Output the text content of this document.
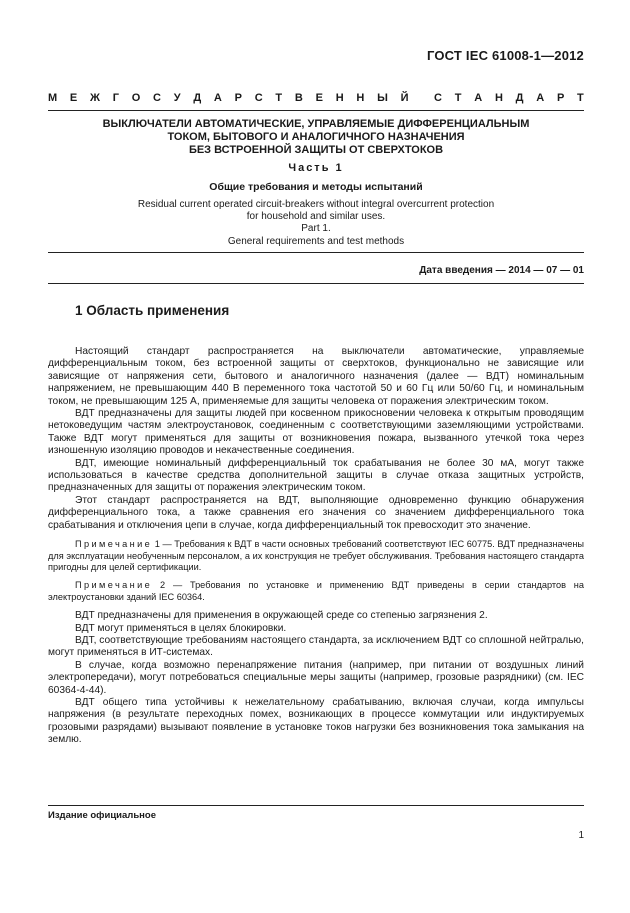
ГОСТ IEC 61008-1—2012
М Е Ж Г О С У Д А Р С Т В Е Н Н Ы Й С Т А Н Д А Р Т
ВЫКЛЮЧАТЕЛИ АВТОМАТИЧЕСКИЕ, УПРАВЛЯЕМЫЕ ДИФФЕРЕНЦИАЛЬНЫМ
ТОКОМ, БЫТОВОГО И АНАЛОГИЧНОГО НАЗНАЧЕНИЯ
БЕЗ ВСТРОЕННОЙ ЗАЩИТЫ ОТ СВЕРХТОКОВ
Часть 1
Общие требования и методы испытаний
Residual current operated circuit-breakers without integral overcurrent protection
for household and similar uses.
Part 1.
General requirements and test methods
Дата введения — 2014 — 07 — 01
1 Область применения

Настоящий стандарт распространяется на выключатели автоматические, управляемые дифференциальным током, без встроенной защиты от сверхтоков, функционально не зависящие или зависящие от напряжения сети, бытового и аналогичного назначения (далее — ВДТ) номинальным напряжением, не превышающим 440 В переменного тока частотой 50 и 60 Гц или 50/60 Гц, и номинальным током, не превышающим 125 А, применяемые для защиты человека от поражения электрическим током.

ВДТ предназначены для защиты людей при косвенном прикосновении человека к открытым проводящим нетоковедущим частям электроустановок, соединенным с соответствующими заземляющими устройствами. Также ВДТ могут применяться для защиты от возникновения пожара, вызванного утечкой тока через изношенную изоляцию проводов и некачественные соединения.

ВДТ, имеющие номинальный дифференциальный ток срабатывания не более 30 мА, могут также использоваться в качестве средства дополнительной защиты в случае отказа защитных устройств, предназначенных для защиты от поражения электрическим током.

Этот стандарт распространяется на ВДТ, выполняющие одновременно функцию обнаружения дифференциального тока, а также сравнения его значения со значением дифференциального тока срабатывания и отключения цепи в случае, когда дифференциальный ток превосходит это значение.

Примечание 1 — Требования к ВДТ в части основных требований соответствуют IEC 60775. ВДТ предназначены для эксплуатации необученным персоналом, а их конструкция не требует обслуживания. Требования настоящего стандарта пригодны для целей сертификации.

Примечание 2 — Требования по установке и применению ВДТ приведены в серии стандартов на электроустановки зданий IEC 60364.

ВДТ предназначены для применения в окружающей среде со степенью загрязнения 2.

ВДТ могут применяться в целях блокировки.

ВДТ, соответствующие требованиям настоящего стандарта, за исключением ВДТ со сплошной нейтралью, могут применяться в ИТ-системах.

В случае, когда возможно перенапряжение питания (например, при питании от воздушных линий электропередачи), могут потребоваться специальные меры защиты (например, грозовые разрядники) (см. IEC 60364-4-44).

ВДТ общего типа устойчивы к нежелательному срабатыванию, включая случаи, когда импульсы напряжения (в результате переходных помех, возникающих в процессе коммутации или индуктируемых грозовыми разрядами) вызывают появление в установке токов нагрузки без возникновения тока замыкания на землю.

Издание официальное
1
